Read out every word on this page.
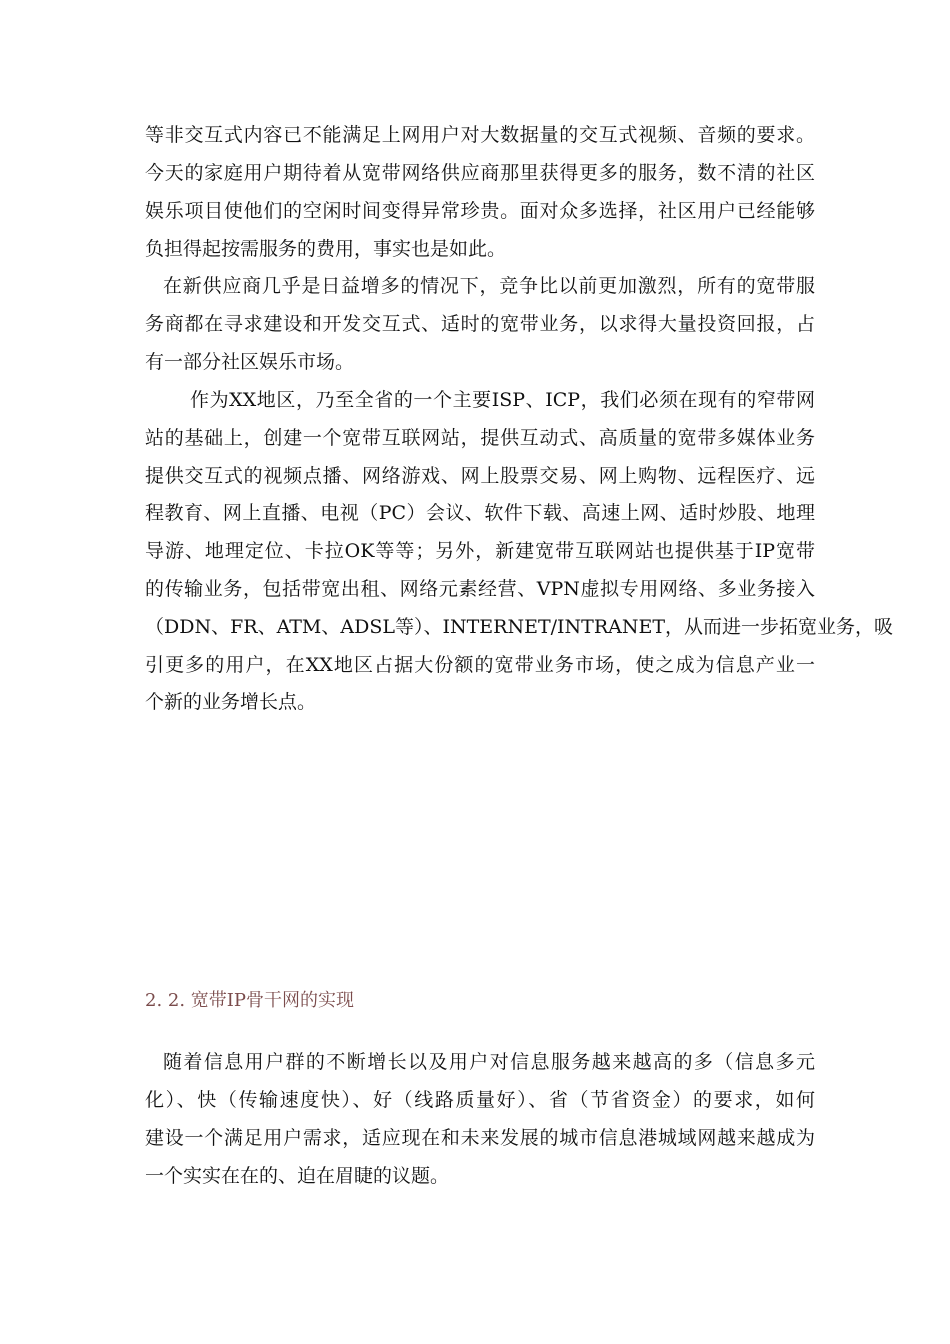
等非交互式内容已不能满足上网用户对大数据量的交互式视频、音频的要求。
今天的家庭用户期待着从宽带网络供应商那里获得更多的服务，数不清的社区
娱乐项目使他们的空闲时间变得异常珍贵。面对众多选择，社区用户已经能够
负担得起按需服务的费用，事实也是如此。
在新供应商几乎是日益增多的情况下，竞争比以前更加激烈，所有的宽带服
务商都在寻求建设和开发交互式、适时的宽带业务，以求得大量投资回报，占
有一部分社区娱乐市场。
作为XX地区，乃至全省的一个主要ISP、ICP，我们必须在现有的窄带网
站的基础上，创建一个宽带互联网站，提供互动式、高质量的宽带多媒体业务
提供交互式的视频点播、网络游戏、网上股票交易、网上购物、远程医疗、远
程教育、网上直播、电视（PC）会议、软件下载、高速上网、适时炒股、地理
导游、地理定位、卡拉OK等等；另外，新建宽带互联网站也提供基于IP宽带
的传输业务，包括带宽出租、网络元素经营、VPN虚拟专用网络、多业务接入
（DDN、FR、ATM、ADSL等）、INTERNET/INTRANET，从而进一步拓宽业务，吸
引更多的用户，在XX地区占据大份额的宽带业务市场，使之成为信息产业一
个新的业务增长点。
2. 2. 宽带IP骨干网的实现
随着信息用户群的不断增长以及用户对信息服务越来越高的多（信息多元
化）、快（传输速度快）、好（线路质量好）、省（节省资金）的要求，如何
建设一个满足用户需求，适应现在和未来发展的城市信息港城域网越来越成为
一个实实在在的、迫在眉睫的议题。
